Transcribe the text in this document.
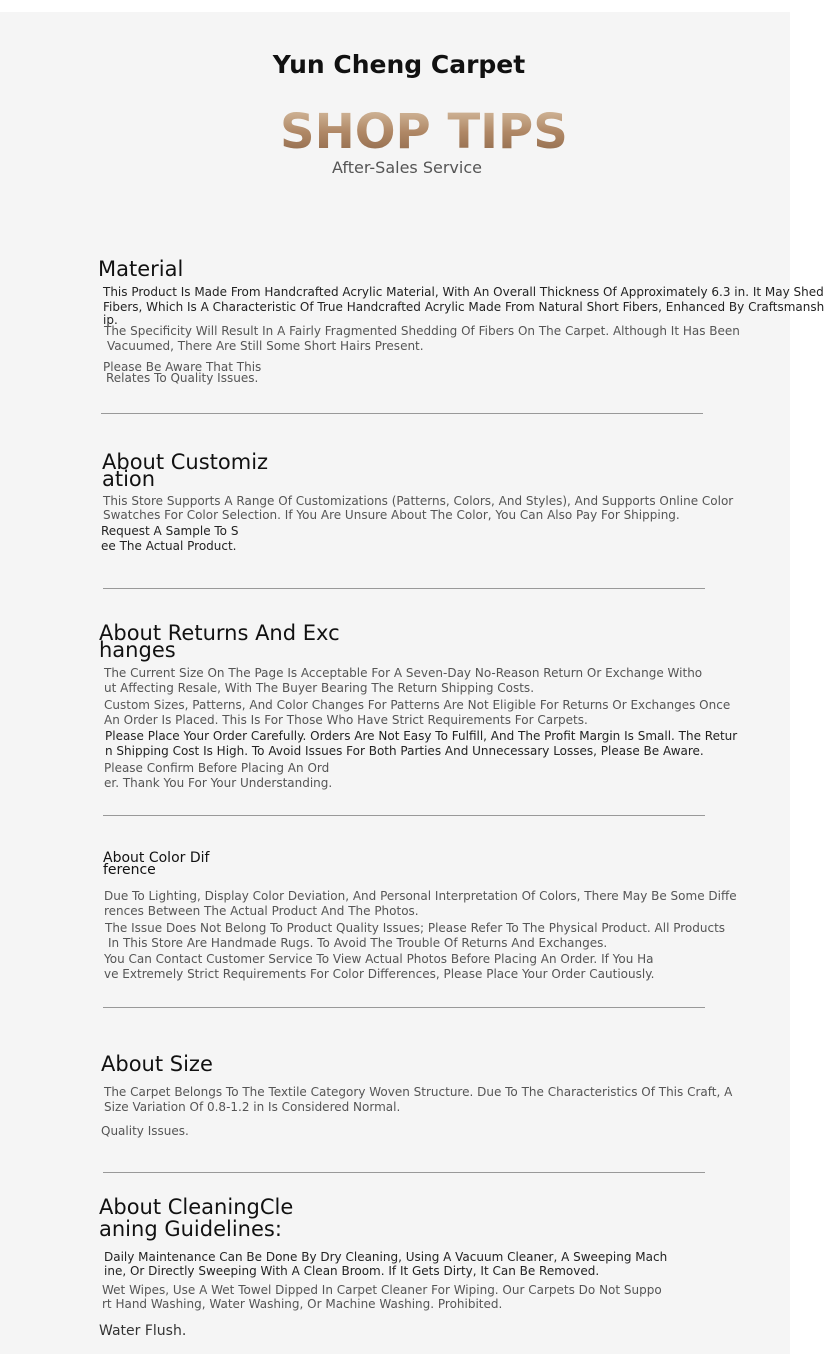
Yun Cheng Carpet
SHOP TIPS
After-Sales Service
Material
This Product Is Made From Handcrafted Acrylic Material, With An Overall Thickness Of Approximately 6.3 in. It May Shed
Fibers, Which Is A Characteristic Of True Handcrafted Acrylic Made From Natural Short Fibers, Enhanced By Craftsmansh
ip.
The Specificity Will Result In A Fairly Fragmented Shedding Of Fibers On The Carpet. Although It Has Been
Vacuumed, There Are Still Some Short Hairs Present.
Please Be Aware That This
Relates To Quality Issues.
About Customiz
ation
This Store Supports A Range Of Customizations (Patterns, Colors, And Styles), And Supports Online Color
Swatches For Color Selection. If You Are Unsure About The Color, You Can Also Pay For Shipping.
Request A Sample To S
ee The Actual Product.
About Returns And Exc
hanges
The Current Size On The Page Is Acceptable For A Seven-Day No-Reason Return Or Exchange Witho
ut Affecting Resale, With The Buyer Bearing The Return Shipping Costs.
Custom Sizes, Patterns, And Color Changes For Patterns Are Not Eligible For Returns Or Exchanges Once
An Order Is Placed. This Is For Those Who Have Strict Requirements For Carpets.
Please Place Your Order Carefully. Orders Are Not Easy To Fulfill, And The Profit Margin Is Small. The Retur
n Shipping Cost Is High. To Avoid Issues For Both Parties And Unnecessary Losses, Please Be Aware.
Please Confirm Before Placing An Ord
er. Thank You For Your Understanding.
About Color Dif
ference
Due To Lighting, Display Color Deviation, And Personal Interpretation Of Colors, There May Be Some Diffe
rences Between The Actual Product And The Photos.
The Issue Does Not Belong To Product Quality Issues; Please Refer To The Physical Product. All Products
In This Store Are Handmade Rugs. To Avoid The Trouble Of Returns And Exchanges.
You Can Contact Customer Service To View Actual Photos Before Placing An Order. If You Ha
ve Extremely Strict Requirements For Color Differences, Please Place Your Order Cautiously.
About Size
The Carpet Belongs To The Textile Category Woven Structure. Due To The Characteristics Of This Craft, A
Size Variation Of 0.8-1.2 in Is Considered Normal.
Quality Issues.
About CleaningCle
aning Guidelines:
Daily Maintenance Can Be Done By Dry Cleaning, Using A Vacuum Cleaner, A Sweeping Mach
ine, Or Directly Sweeping With A Clean Broom. If It Gets Dirty, It Can Be Removed.
Wet Wipes, Use A Wet Towel Dipped In Carpet Cleaner For Wiping. Our Carpets Do Not Suppo
rt Hand Washing, Water Washing, Or Machine Washing. Prohibited.
Water Flush.
